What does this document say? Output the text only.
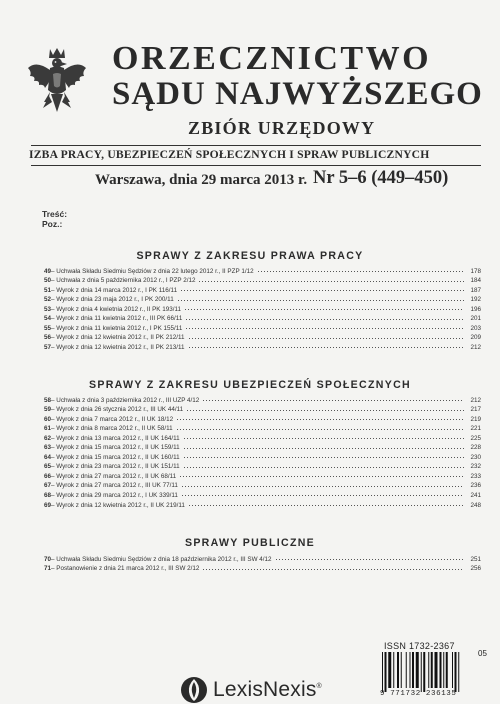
ORZECZNICTWO
SĄDU NAJWYŻSZEGO
ZBIÓR URZĘDOWY
IZBA PRACY, UBEZPIECZEŃ SPOŁECZNYCH I SPRAW PUBLICZNYCH
Warszawa, dnia 29 marca 2013 r. Nr 5–6 (449–450)
Treść:
Poz.:
SPRAWY Z ZAKRESU PRAWA PRACY
49 – Uchwała Składu Siedmiu Sędziów z dnia 22 lutego 2012 r., II PZP 1/12	178
50 – Uchwała z dnia 5 października 2012 r., I PZP 2/12	184
51 – Wyrok z dnia 14 marca 2012 r., I PK 116/11	187
52 – Wyrok z dnia 23 maja 2012 r., I PK 200/11	192
53 – Wyrok z dnia 4 kwietnia 2012 r., II PK 193/11	196
54 – Wyrok z dnia 11 kwietnia 2012 r., III PK 66/11	201
55 – Wyrok z dnia 11 kwietnia 2012 r., I PK 155/11	203
56 – Wyrok z dnia 12 kwietnia 2012 r., II PK 212/11	209
57 – Wyrok z dnia 12 kwietnia 2012 r., II PK 213/11	212
SPRAWY Z ZAKRESU UBEZPIECZEŃ SPOŁECZNYCH
58 – Uchwała z dnia 3 października 2012 r., III UZP 4/12	212
59 – Wyrok z dnia 26 stycznia 2012 r., III UK 44/11	217
60 – Wyrok z dnia 7 marca 2012 r., II UK 18/12	219
61 – Wyrok z dnia 8 marca 2012 r., II UK 58/11	221
62 – Wyrok z dnia 13 marca 2012 r., II UK 164/11	225
63 – Wyrok z dnia 15 marca 2012 r., II UK 159/11	228
64 – Wyrok z dnia 15 marca 2012 r., II UK 160/11	230
65 – Wyrok z dnia 23 marca 2012 r., II UK 151/11	232
66 – Wyrok z dnia 27 marca 2012 r., II UK 68/11	233
67 – Wyrok z dnia 27 marca 2012 r., III UK 77/11	236
68 – Wyrok z dnia 29 marca 2012 r., I UK 339/11	241
69 – Wyrok z dnia 12 kwietnia 2012 r., II UK 219/11	248
SPRAWY PUBLICZNE
70 – Uchwała Składu Siedmiu Sędziów z dnia 18 października 2012 r., III SW 4/12	251
71 – Postanowienie z dnia 21 marca 2012 r., III SW 2/12	256
ISSN 1732-2367
9 771732 236135
05
LexisNexis®
